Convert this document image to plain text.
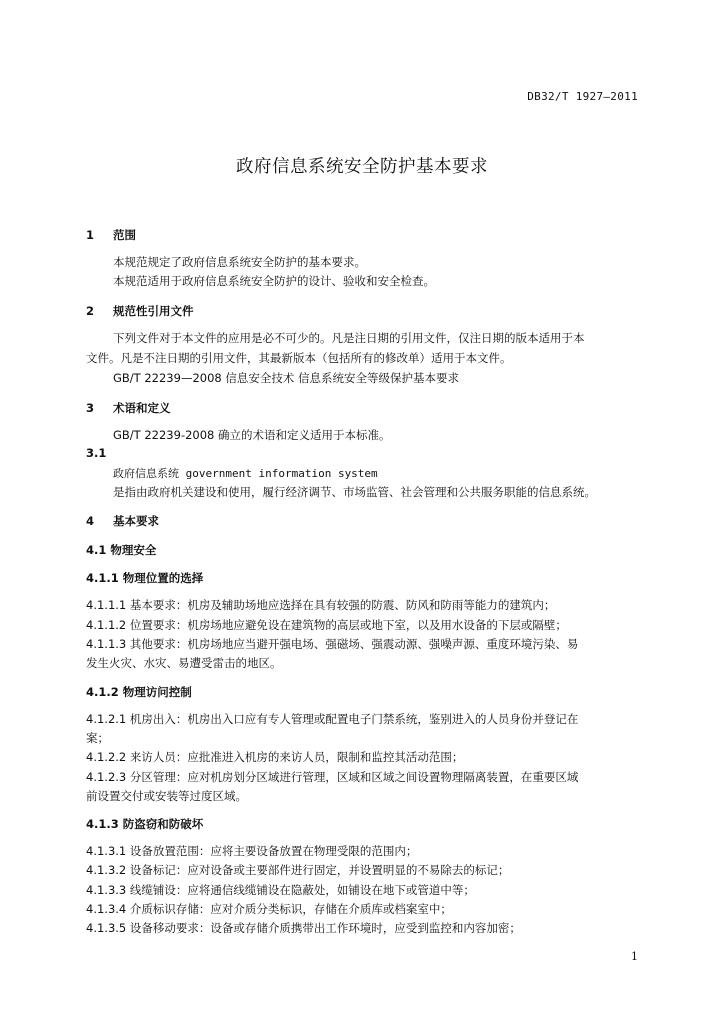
DB32/T 1927—2011
政府信息系统安全防护基本要求
1 范围
本规范规定了政府信息系统安全防护的基本要求。
本规范适用于政府信息系统安全防护的设计、验收和安全检查。
2 规范性引用文件
下列文件对于本文件的应用是必不可少的。凡是注日期的引用文件，仅注日期的版本适用于本
文件。凡是不注日期的引用文件，其最新版本（包括所有的修改单）适用于本文件。
GB/T 22239—2008 信息安全技术 信息系统安全等级保护基本要求
3 术语和定义
GB/T 22239-2008 确立的术语和定义适用于本标准。
3.1
政府信息系统 government information system
是指由政府机关建设和使用，履行经济调节、市场监管、社会管理和公共服务职能的信息系统。
4 基本要求
4.1 物理安全
4.1.1 物理位置的选择
4.1.1.1 基本要求：机房及辅助场地应选择在具有较强的防震、防风和防雨等能力的建筑内；
4.1.1.2 位置要求：机房场地应避免设在建筑物的高层或地下室，以及用水设备的下层或隔壁；
4.1.1.3 其他要求：机房场地应当避开强电场、强磁场、强震动源、强噪声源、重度环境污染、易
发生火灾、水灾、易遭受雷击的地区。
4.1.2 物理访问控制
4.1.2.1 机房出入：机房出入口应有专人管理或配置电子门禁系统，鉴别进入的人员身份并登记在
案；
4.1.2.2 来访人员：应批准进入机房的来访人员，限制和监控其活动范围；
4.1.2.3 分区管理：应对机房划分区域进行管理，区域和区域之间设置物理隔离装置，在重要区域
前设置交付或安装等过度区域。
4.1.3 防盗窃和防破坏
4.1.3.1 设备放置范围：应将主要设备放置在物理受限的范围内；
4.1.3.2 设备标记：应对设备或主要部件进行固定，并设置明显的不易除去的标记；
4.1.3.3 线缆铺设：应将通信线缆铺设在隐蔽处，如铺设在地下或管道中等；
4.1.3.4 介质标识存储：应对介质分类标识，存储在介质库或档案室中；
4.1.3.5 设备移动要求：设备或存储介质携带出工作环境时，应受到监控和内容加密；
1
